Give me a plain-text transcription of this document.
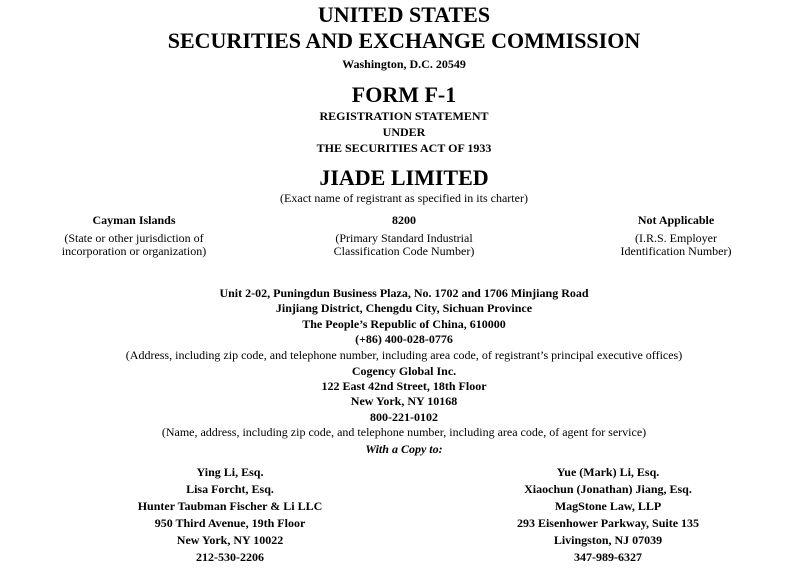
UNITED STATES
SECURITIES AND EXCHANGE COMMISSION
Washington, D.C. 20549
FORM F-1
REGISTRATION STATEMENT
UNDER
THE SECURITIES ACT OF 1933
JIADE LIMITED
(Exact name of registrant as specified in its charter)
Cayman Islands
(State or other jurisdiction of
incorporation or organization)
8200
(Primary Standard Industrial
Classification Code Number)
Not Applicable
(I.R.S. Employer
Identification Number)
Unit 2-02, Puningdun Business Plaza, No. 1702 and 1706 Minjiang Road
Jinjiang District, Chengdu City, Sichuan Province
The People’s Republic of China, 610000
(+86) 400-028-0776
(Address, including zip code, and telephone number, including area code, of registrant’s principal executive offices)
Cogency Global Inc.
122 East 42nd Street, 18th Floor
New York, NY 10168
800-221-0102
(Name, address, including zip code, and telephone number, including area code, of agent for service)
With a Copy to:
Ying Li, Esq.
Lisa Forcht, Esq.
Hunter Taubman Fischer & Li LLC
950 Third Avenue, 19th Floor
New York, NY 10022
212-530-2206
Yue (Mark) Li, Esq.
Xiaochun (Jonathan) Jiang, Esq.
MagStone Law, LLP
293 Eisenhower Parkway, Suite 135
Livingston, NJ 07039
347-989-6327
